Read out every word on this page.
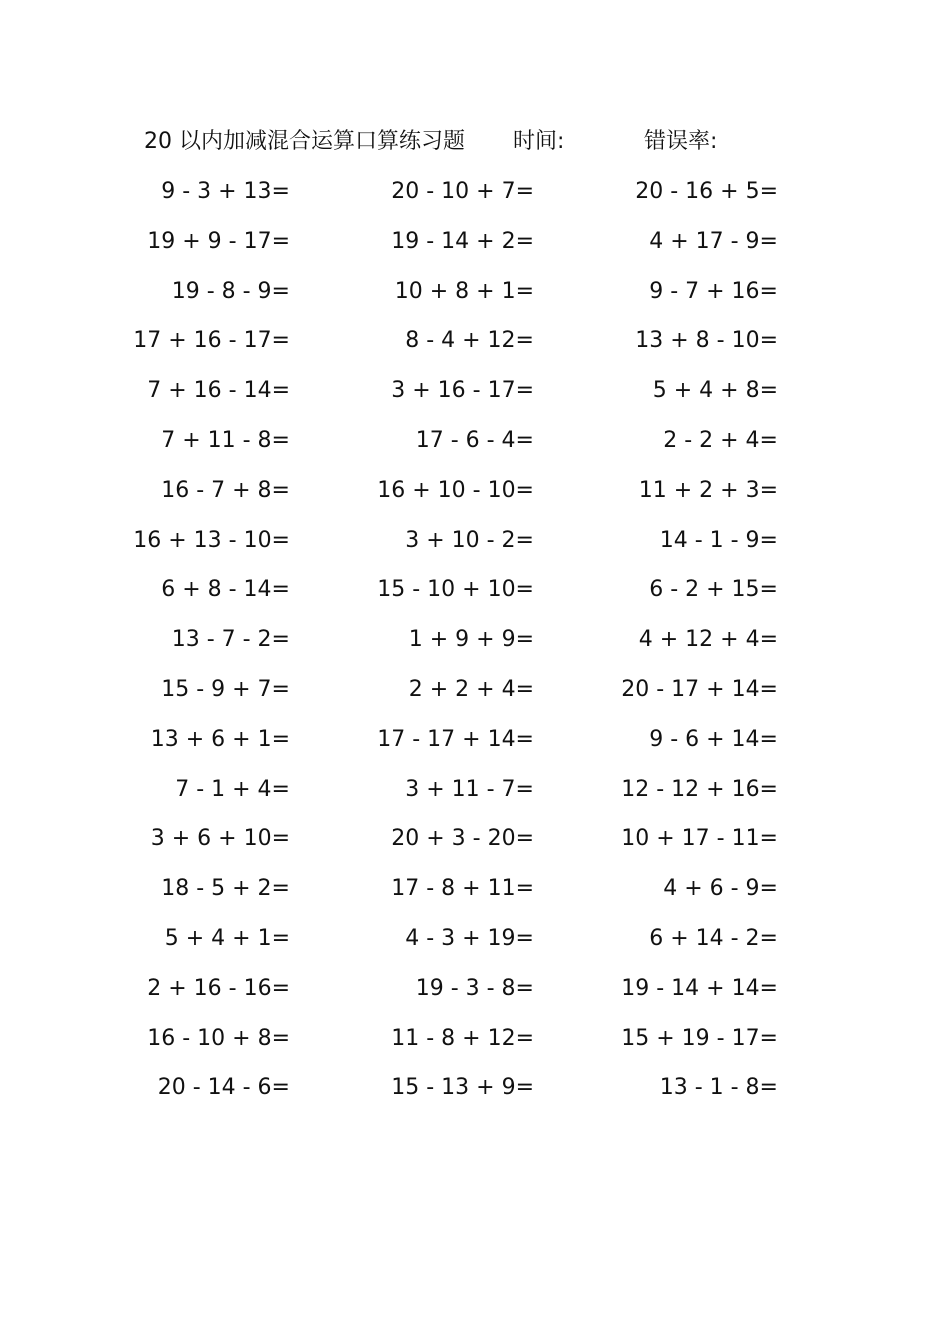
20 以内加减混合运算口算练习题 时间:	错误率:
9 - 3 + 13=	20 - 10 + 7=	20 - 16 + 5=
19 + 9 - 17=	19 - 14 + 2=	4 + 17 - 9=
19 - 8 - 9=	10 + 8 + 1=	9 - 7 + 16=
17 + 16 - 17=	8 - 4 + 12=	13 + 8 - 10=
7 + 16 - 14=	3 + 16 - 17=	5 + 4 + 8=
7 + 11 - 8=	17 - 6 - 4=	2 - 2 + 4=
16 - 7 + 8=	16 + 10 - 10=	11 + 2 + 3=
16 + 13 - 10=	3 + 10 - 2=	14 - 1 - 9=
6 + 8 - 14=	15 - 10 + 10=	6 - 2 + 15=
13 - 7 - 2=	1 + 9 + 9=	4 + 12 + 4=
15 - 9 + 7=	2 + 2 + 4=	20 - 17 + 14=
13 + 6 + 1=	17 - 17 + 14=	9 - 6 + 14=
7 - 1 + 4=	3 + 11 - 7=	12 - 12 + 16=
3 + 6 + 10=	20 + 3 - 20=	10 + 17 - 11=
18 - 5 + 2=	17 - 8 + 11=	4 + 6 - 9=
5 + 4 + 1=	4 - 3 + 19=	6 + 14 - 2=
2 + 16 - 16=	19 - 3 - 8=	19 - 14 + 14=
16 - 10 + 8=	11 - 8 + 12=	15 + 19 - 17=
20 - 14 - 6=	15 - 13 + 9=	13 - 1 - 8=
